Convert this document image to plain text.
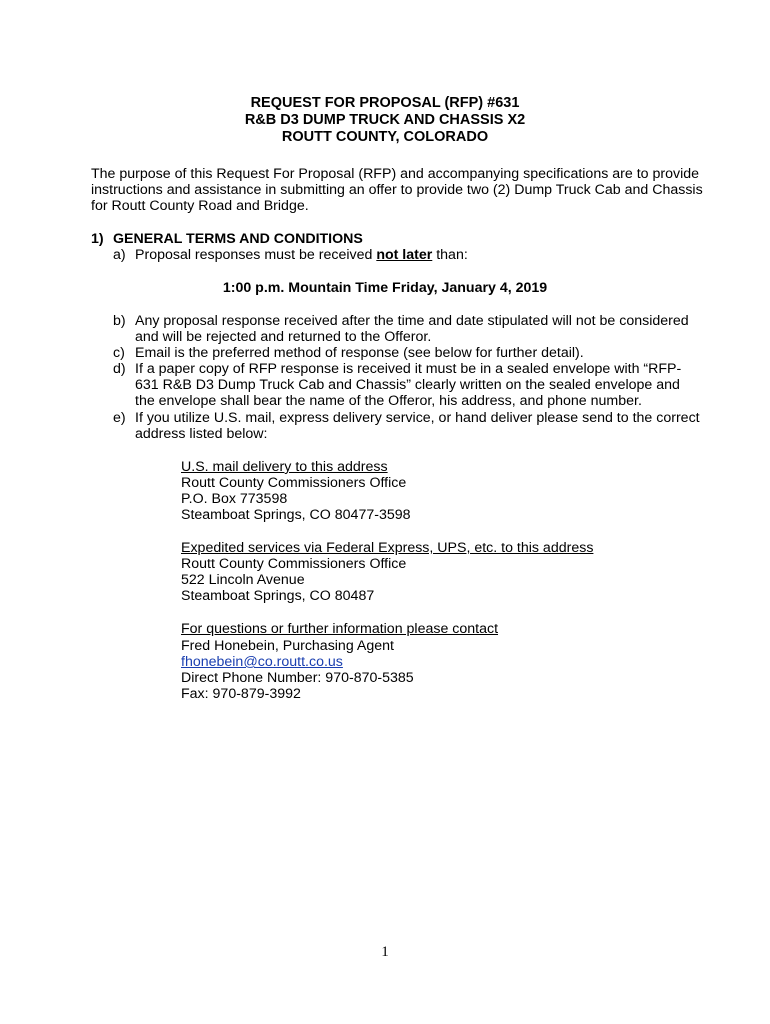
REQUEST FOR PROPOSAL (RFP) #631
R&B D3 DUMP TRUCK AND CHASSIS X2
ROUTT COUNTY, COLORADO
The purpose of this Request For Proposal (RFP) and accompanying specifications are to provide
instructions and assistance in submitting an offer to provide two (2) Dump Truck Cab and Chassis
for Routt County Road and Bridge.
1) GENERAL TERMS AND CONDITIONS
a) Proposal responses must be received not later than:
1:00 p.m. Mountain Time Friday, January 4, 2019
b) Any proposal response received after the time and date stipulated will not be considered
and will be rejected and returned to the Offeror.
c) Email is the preferred method of response (see below for further detail).
d) If a paper copy of RFP response is received it must be in a sealed envelope with “RFP-
631 R&B D3 Dump Truck Cab and Chassis” clearly written on the sealed envelope and
the envelope shall bear the name of the Offeror, his address, and phone number.
e) If you utilize U.S. mail, express delivery service, or hand deliver please send to the correct
address listed below:
U.S. mail delivery to this address
Routt County Commissioners Office
P.O. Box 773598
Steamboat Springs, CO 80477-3598
Expedited services via Federal Express, UPS, etc. to this address
Routt County Commissioners Office
522 Lincoln Avenue
Steamboat Springs, CO 80487
For questions or further information please contact
Fred Honebein, Purchasing Agent
fhonebein@co.routt.co.us
Direct Phone Number: 970-870-5385
Fax: 970-879-3992
1
